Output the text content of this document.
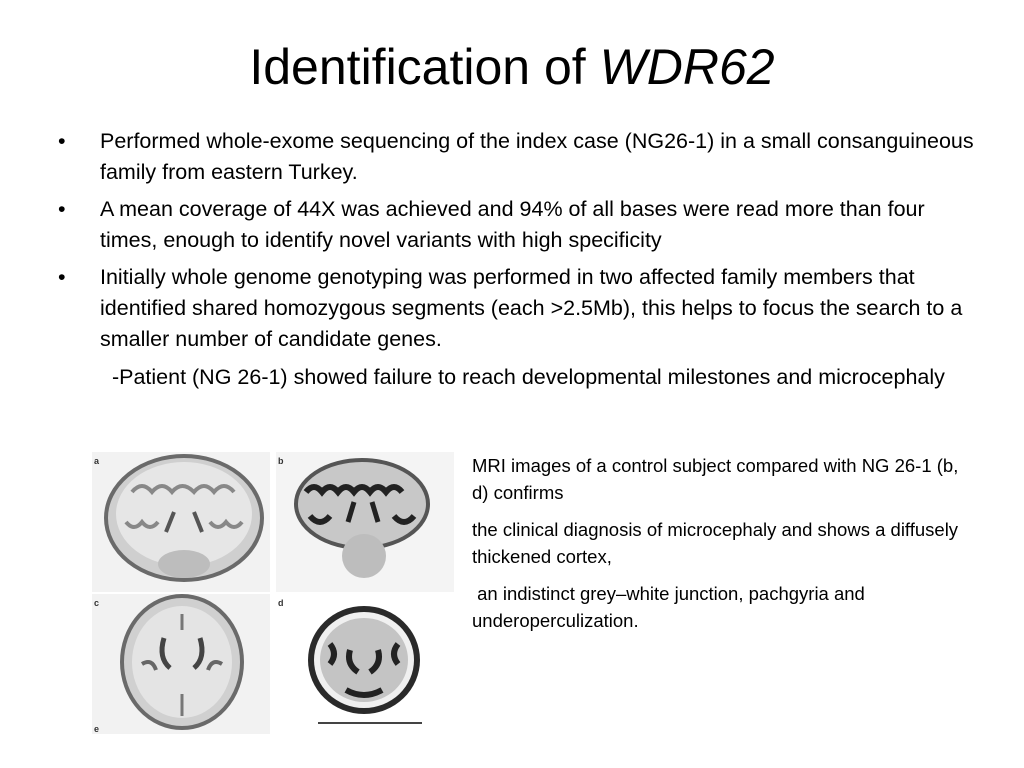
Identification of WDR62
• Performed whole-exome sequencing of the index case (NG26-1) in a small consanguineous family from eastern Turkey.
• A mean coverage of 44X was achieved and 94% of all bases were read more than four times, enough to identify novel variants with high specificity
• Initially whole genome genotyping was performed in two affected family members that identified shared homozygous segments (each >2.5Mb), this helps to focus the search to a smaller number of candidate genes.
-Patient (NG 26-1) showed failure to reach developmental milestones and microcephaly
a	b
c	d
e

MRI images of a control subject compared with NG 26-1 (b, d) confirms

the clinical diagnosis of microcephaly and shows a diffusely thickened cortex,

an indistinct grey–white junction, pachgyria and underoperculization.
